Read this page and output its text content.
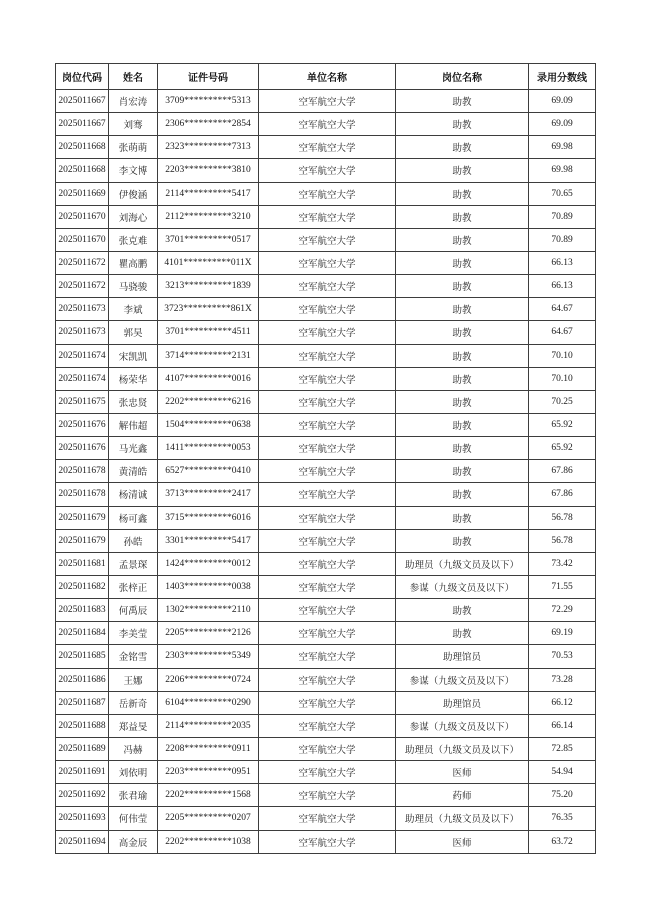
岗位代码	姓名	证件号码	单位名称	岗位名称	录用分数线
2025011667	肖宏涛	3709**********5313	空军航空大学	助教	69.09
2025011667	刘骞	2306**********2854	空军航空大学	助教	69.09
2025011668	张萌萌	2323**********7313	空军航空大学	助教	69.98
2025011668	李文博	2203**********3810	空军航空大学	助教	69.98
2025011669	伊俊涵	2114**********5417	空军航空大学	助教	70.65
2025011670	刘海心	2112**********3210	空军航空大学	助教	70.89
2025011670	张克难	3701**********0517	空军航空大学	助教	70.89
2025011672	瞿高鹏	4101**********011X	空军航空大学	助教	66.13
2025011672	马骁骏	3213**********1839	空军航空大学	助教	66.13
2025011673	李斌	3723**********861X	空军航空大学	助教	64.67
2025011673	郭昊	3701**********4511	空军航空大学	助教	64.67
2025011674	宋凯凯	3714**********2131	空军航空大学	助教	70.10
2025011674	杨荣华	4107**********0016	空军航空大学	助教	70.10
2025011675	张忠贤	2202**********6216	空军航空大学	助教	70.25
2025011676	解伟超	1504**********0638	空军航空大学	助教	65.92
2025011676	马光鑫	1411**********0053	空军航空大学	助教	65.92
2025011678	黄清皓	6527**********0410	空军航空大学	助教	67.86
2025011678	杨清诚	3713**********2417	空军航空大学	助教	67.86
2025011679	杨可鑫	3715**********6016	空军航空大学	助教	56.78
2025011679	孙皓	3301**********5417	空军航空大学	助教	56.78
2025011681	孟景琛	1424**********0012	空军航空大学	助理员（九级文员及以下）	73.42
2025011682	张梓正	1403**********0038	空军航空大学	参谋（九级文员及以下）	71.55
2025011683	何禹辰	1302**********2110	空军航空大学	助教	72.29
2025011684	李美莹	2205**********2126	空军航空大学	助教	69.19
2025011685	金铭雪	2303**********5349	空军航空大学	助理馆员	70.53
2025011686	王娜	2206**********0724	空军航空大学	参谋（九级文员及以下）	73.28
2025011687	岳新奇	6104**********0290	空军航空大学	助理馆员	66.12
2025011688	郑益旻	2114**********2035	空军航空大学	参谋（九级文员及以下）	66.14
2025011689	冯赫	2208**********0911	空军航空大学	助理员（九级文员及以下）	72.85
2025011691	刘依明	2203**********0951	空军航空大学	医师	54.94
2025011692	张君瑜	2202**********1568	空军航空大学	药师	75.20
2025011693	何伟莹	2205**********0207	空军航空大学	助理员（九级文员及以下）	76.35
2025011694	高金辰	2202**********1038	空军航空大学	医师	63.72
